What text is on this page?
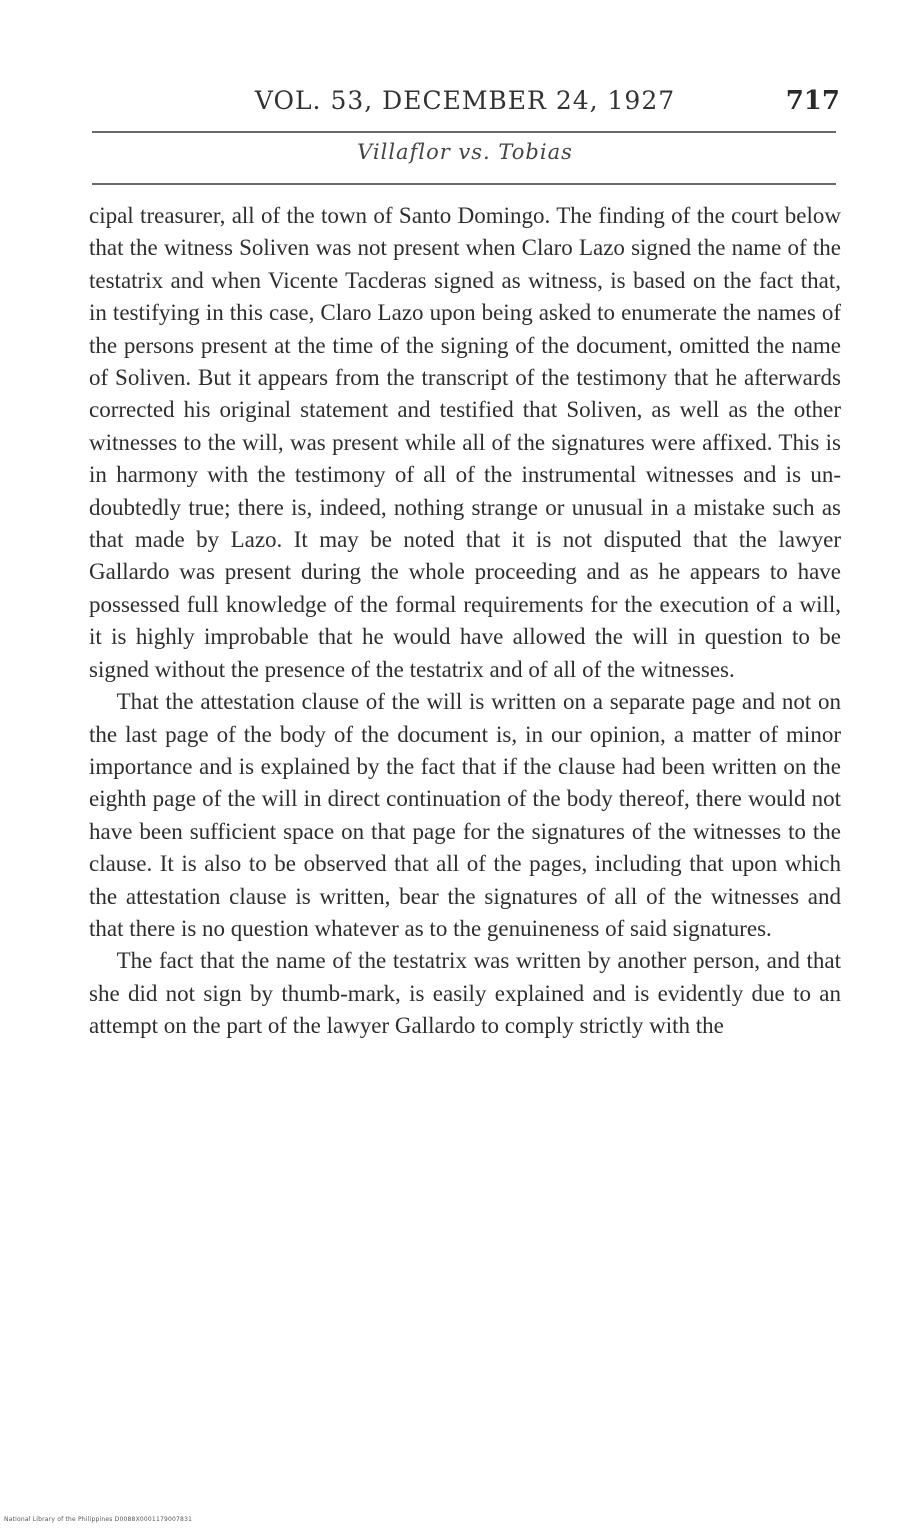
VOL. 53, DECEMBER 24, 1927	717
Villaflor vs. Tobias

cipal treasurer, all of the town of Santo Domingo. The finding of the court below that the witness Soliven was not present when Claro Lazo signed the name of the testatrix and when Vicente Tacderas signed as witness, is based on the fact that, in testifying in this case, Claro Lazo upon being asked to enumerate the names of the persons present at the time of the signing of the document, omitted the name of Soliven. But it appears from the transcript of the testimony that he afterwards corrected his original statement and testified that Soliven, as well as the other witnesses to the will, was present while all of the signatures were affixed. This is in harmony with the testimony of all of the instrumental witnesses and is undoubtedly true; there is, indeed, nothing strange or unusual in a mistake such as that made by Lazo. It may be noted that it is not disputed that the lawyer Gallardo was present during the whole proceeding and as he appears to have possessed full knowledge of the formal requirements for the execution of a will, it is highly improbable that he would have allowed the will in question to be signed without the presence of the testatrix and of all of the witnesses.

That the attestation clause of the will is written on a separate page and not on the last page of the body of the document is, in our opinion, a matter of minor importance and is explained by the fact that if the clause had been written on the eighth page of the will in direct continuation of the body thereof, there would not have been sufficient space on that page for the signatures of the witnesses to the clause. It is also to be observed that all of the pages, including that upon which the attestation clause is written, bear the signatures of all of the witnesses and that there is no question whatever as to the genuineness of said signatures.

The fact that the name of the testatrix was written by another person, and that she did not sign by thumb-mark, is easily explained and is evidently due to an attempt on the part of the lawyer Gallardo to comply strictly with the

National Library of the Philippines D0088X0001179007831
